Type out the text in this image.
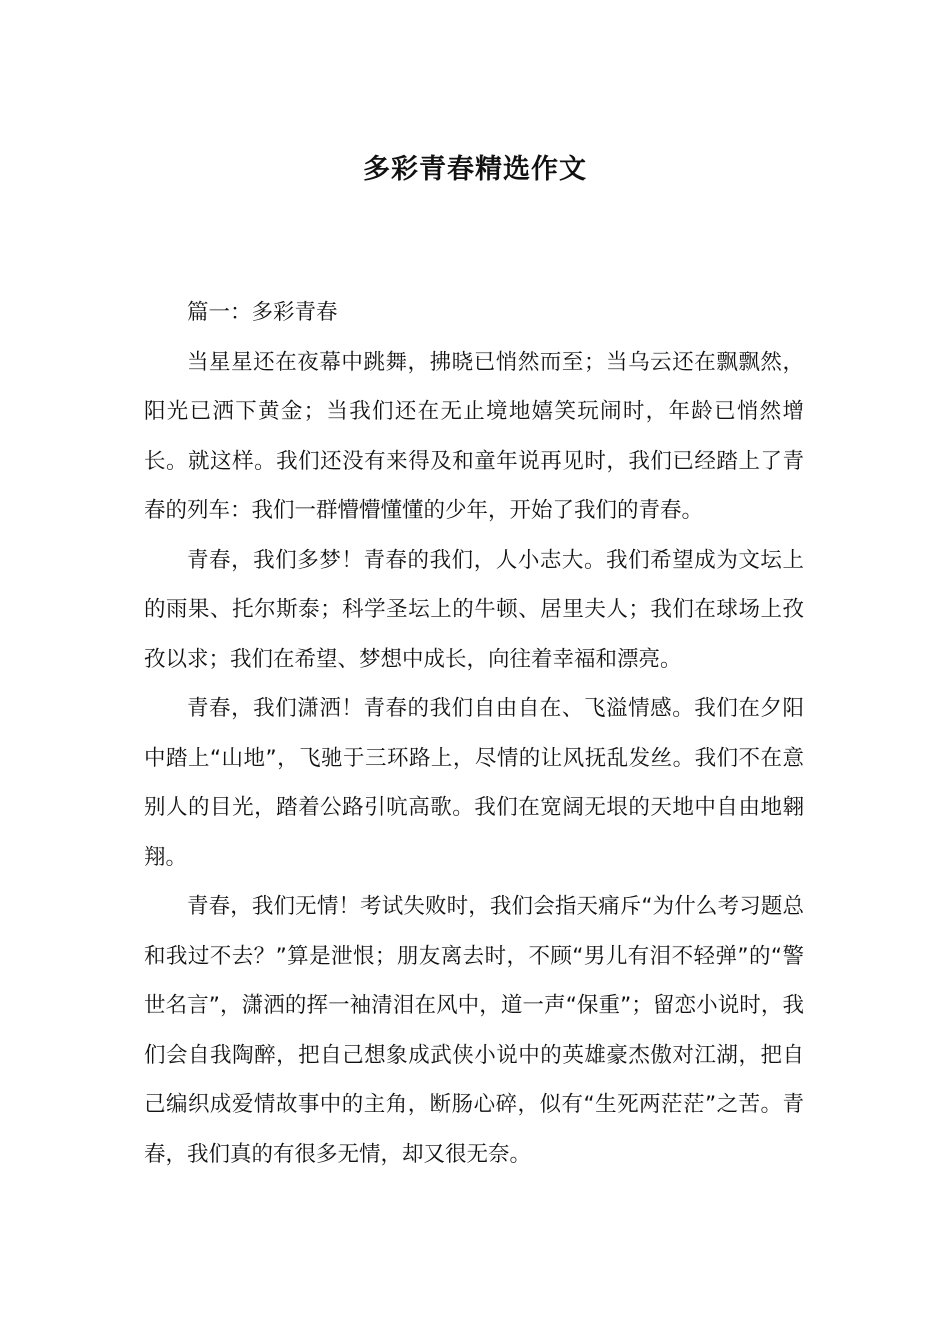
多彩青春精选作文

篇一：多彩青春

当星星还在夜幕中跳舞，拂晓已悄然而至；当乌云还在飘飘然，阳光已洒下黄金；当我们还在无止境地嬉笑玩闹时，年龄已悄然增长。就这样。我们还没有来得及和童年说再见时，我们已经踏上了青春的列车：我们一群懵懵懂懂的少年，开始了我们的青春。

青春，我们多梦！青春的我们，人小志大。我们希望成为文坛上的雨果、托尔斯泰；科学圣坛上的牛顿、居里夫人；我们在球场上孜孜以求；我们在希望、梦想中成长，向往着幸福和漂亮。

青春，我们潇洒！青春的我们自由自在、飞溢情感。我们在夕阳中踏上“山地”，飞驰于三环路上，尽情的让风抚乱发丝。我们不在意别人的目光，踏着公路引吭高歌。我们在宽阔无垠的天地中自由地翱翔。

青春，我们无情！考试失败时，我们会指天痛斥“为什么考习题总和我过不去？”算是泄恨；朋友离去时，不顾“男儿有泪不轻弹”的“警世名言”，潇洒的挥一袖清泪在风中，道一声“保重”；留恋小说时，我们会自我陶醉，把自己想象成武侠小说中的英雄豪杰傲对江湖，把自己编织成爱情故事中的主角，断肠心碎，似有“生死两茫茫”之苦。青春，我们真的有很多无情，却又很无奈。
